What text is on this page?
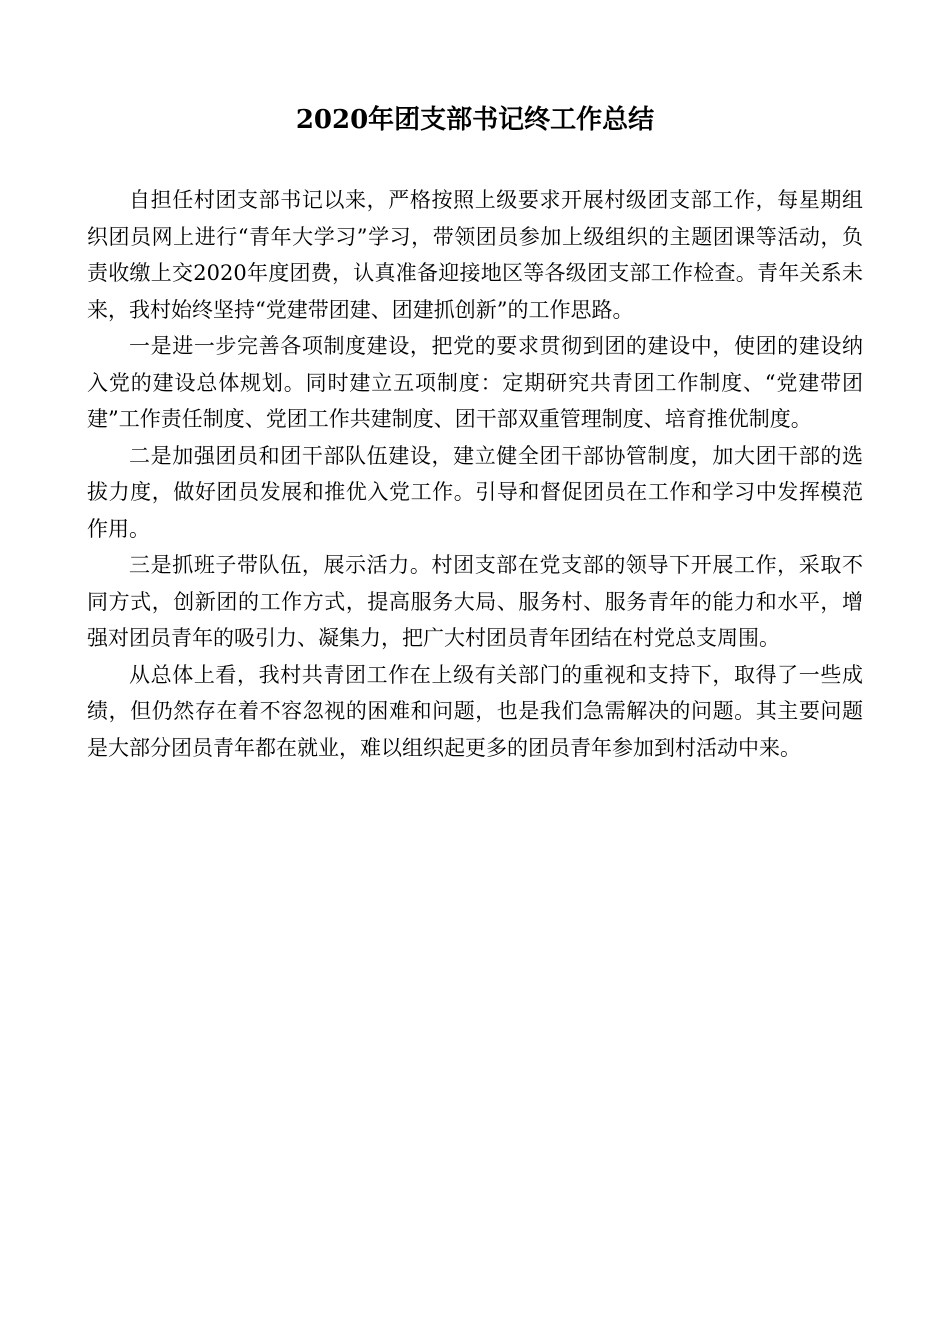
2020年团支部书记终工作总结

自担任村团支部书记以来，严格按照上级要求开展村级团支部工作，每星期组织团员网上进行“青年大学习”学习，带领团员参加上级组织的主题团课等活动，负责收缴上交2020年度团费，认真准备迎接地区等各级团支部工作检查。青年关系未来，我村始终坚持“党建带团建、团建抓创新”的工作思路。

一是进一步完善各项制度建设，把党的要求贯彻到团的建设中，使团的建设纳入党的建设总体规划。同时建立五项制度：定期研究共青团工作制度、“党建带团建”工作责任制度、党团工作共建制度、团干部双重管理制度、培育推优制度。

二是加强团员和团干部队伍建设，建立健全团干部协管制度，加大团干部的选拔力度，做好团员发展和推优入党工作。引导和督促团员在工作和学习中发挥模范作用。

三是抓班子带队伍，展示活力。村团支部在党支部的领导下开展工作，采取不同方式，创新团的工作方式，提高服务大局、服务村、服务青年的能力和水平，增强对团员青年的吸引力、凝集力，把广大村团员青年团结在村党总支周围。

从总体上看，我村共青团工作在上级有关部门的重视和支持下，取得了一些成绩，但仍然存在着不容忽视的困难和问题，也是我们急需解决的问题。其主要问题是大部分团员青年都在就业，难以组织起更多的团员青年参加到村活动中来。
